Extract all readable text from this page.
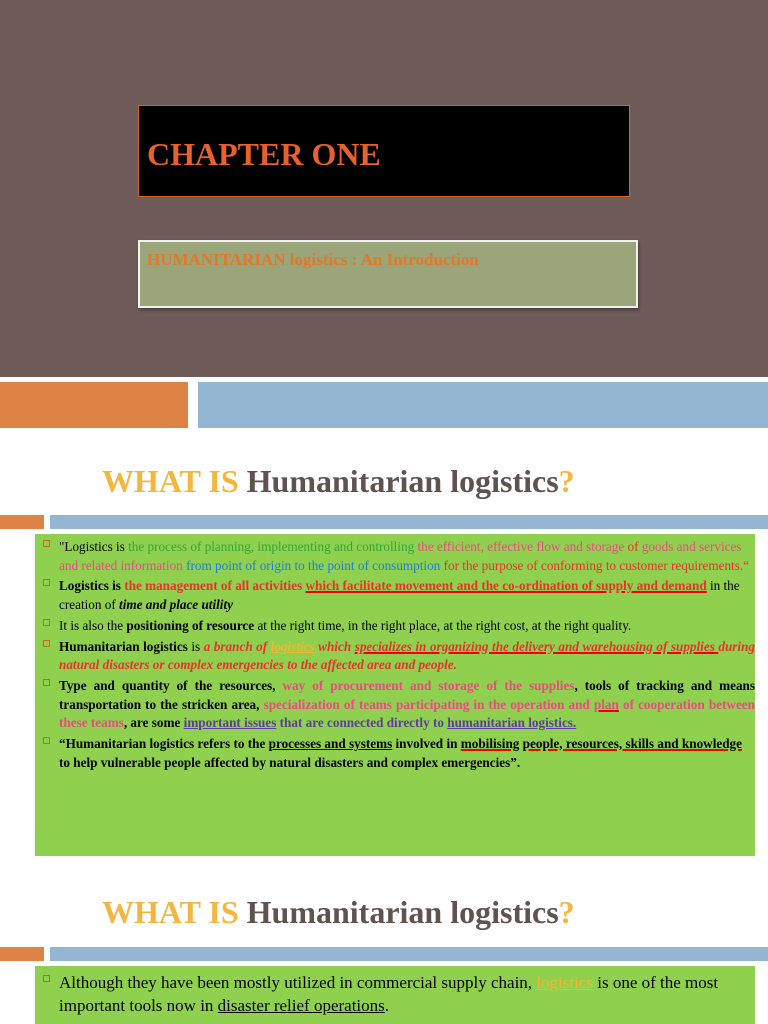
CHAPTER ONE

HUMANITARIAN logistics : An Introduction

WHAT IS Humanitarian logistics?
"Logistics is the process of planning, implementing and controlling the efficient, effective flow and storage of goods and services and related information from point of origin to the point of consumption for the purpose of conforming to customer requirements.“
Logistics is the management of all activities which facilitate movement and the co-ordination of supply and demand in the creation of time and place utility
It is also the positioning of resource at the right time, in the right place, at the right cost, at the right quality.
Humanitarian logistics is a branch of logistics which specializes in organizing the delivery and warehousing of supplies during natural disasters or complex emergencies to the affected area and people.
Type and quantity of the resources, way of procurement and storage of the supplies, tools of tracking and means transportation to the stricken area, specialization of teams participating in the operation and plan of cooperation between these teams, are some important issues that are connected directly to humanitarian logistics.
“Humanitarian logistics refers to the processes and systems involved in mobilising people, resources, skills and knowledge to help vulnerable people affected by natural disasters and complex emergencies”.
WHAT IS Humanitarian logistics?
Although they have been mostly utilized in commercial supply chain, logistics is one of the most important tools now in disaster relief operations.
